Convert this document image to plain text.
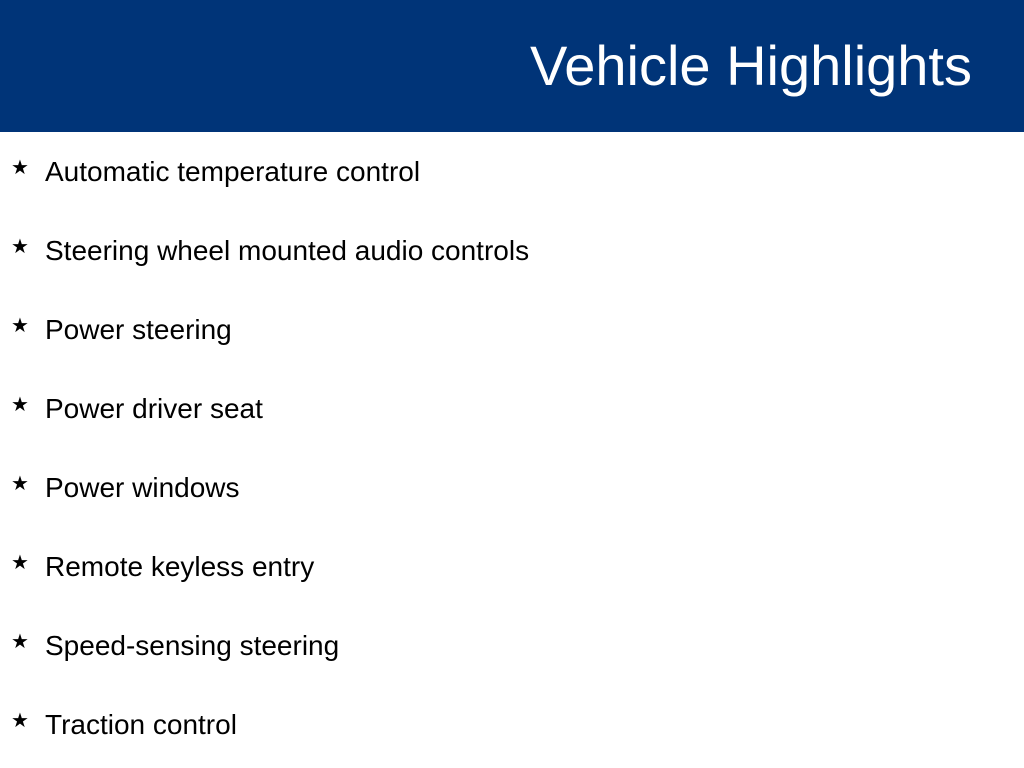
Vehicle Highlights
★ Automatic temperature control
★ Steering wheel mounted audio controls
★ Power steering
★ Power driver seat
★ Power windows
★ Remote keyless entry
★ Speed-sensing steering
★ Traction control
